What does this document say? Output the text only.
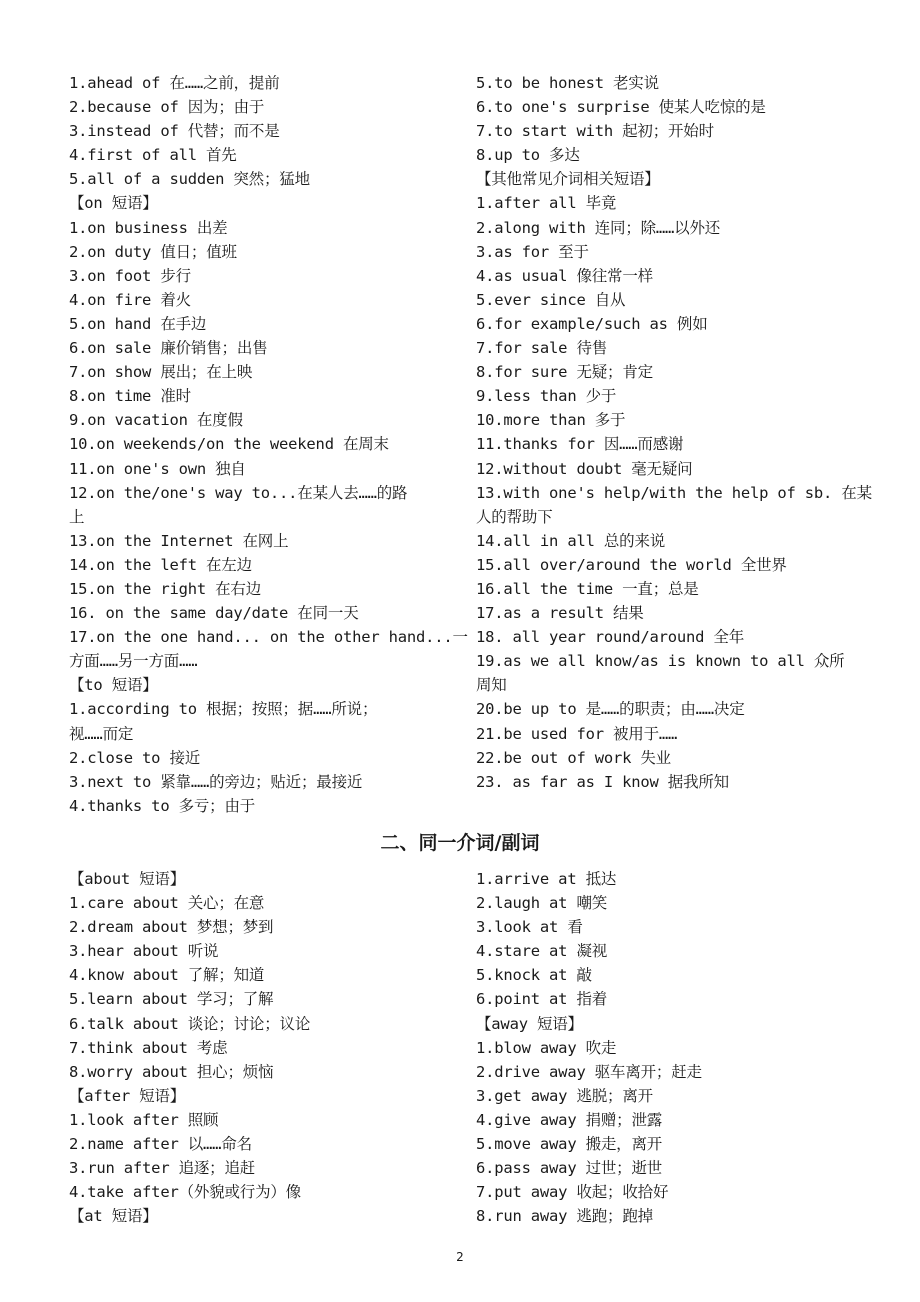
1.ahead of 在……之前，提前
2.because of 因为；由于
3.instead of 代替；而不是
4.first of all 首先
5.all of a sudden 突然；猛地
【on 短语】
1.on business 出差
2.on duty 值日；值班
3.on foot 步行
4.on fire 着火
5.on hand 在手边
6.on sale 廉价销售；出售
7.on show 展出；在上映
8.on time 准时
9.on vacation 在度假
10.on weekends/on the weekend 在周末
11.on one's own 独自
12.on the/one's way to...在某人去……的路
上
13.on the Internet 在网上
14.on the left 在左边
15.on the right 在右边
16. on the same day/date 在同一天
17.on the one hand... on the other hand...一
方面……另一方面……
【to 短语】
1.according to 根据；按照；据……所说；
视……而定
2.close to 接近
3.next to 紧靠……的旁边；贴近；最接近
4.thanks to 多亏；由于
5.to be honest 老实说
6.to one's surprise 使某人吃惊的是
7.to start with 起初；开始时
8.up to 多达
【其他常见介词相关短语】
1.after all 毕竟
2.along with 连同；除……以外还
3.as for 至于
4.as usual 像往常一样
5.ever since 自从
6.for example/such as 例如
7.for sale 待售
8.for sure 无疑；肯定
9.less than 少于
10.more than 多于
11.thanks for 因……而感谢
12.without doubt 毫无疑问
13.with one's help/with the help of sb. 在某
人的帮助下
14.all in all 总的来说
15.all over/around the world 全世界
16.all the time 一直；总是
17.as a result 结果
18. all year round/around 全年
19.as we all know/as is known to all 众所
周知
20.be up to 是……的职责；由……决定
21.be used for 被用于……
22.be out of work 失业
23. as far as I know 据我所知
二、同一介词/副词
【about 短语】
1.care about 关心；在意
2.dream about 梦想；梦到
3.hear about 听说
4.know about 了解；知道
5.learn about 学习；了解
6.talk about 谈论；讨论；议论
7.think about 考虑
8.worry about 担心；烦恼
【after 短语】
1.look after 照顾
2.name after 以……命名
3.run after 追逐；追赶
4.take after（外貌或行为）像
【at 短语】
1.arrive at 抵达
2.laugh at 嘲笑
3.look at 看
4.stare at 凝视
5.knock at 敲
6.point at 指着
【away 短语】
1.blow away 吹走
2.drive away 驱车离开；赶走
3.get away 逃脱；离开
4.give away 捐赠；泄露
5.move away 搬走，离开
6.pass away 过世；逝世
7.put away 收起；收拾好
8.run away 逃跑；跑掉
2
